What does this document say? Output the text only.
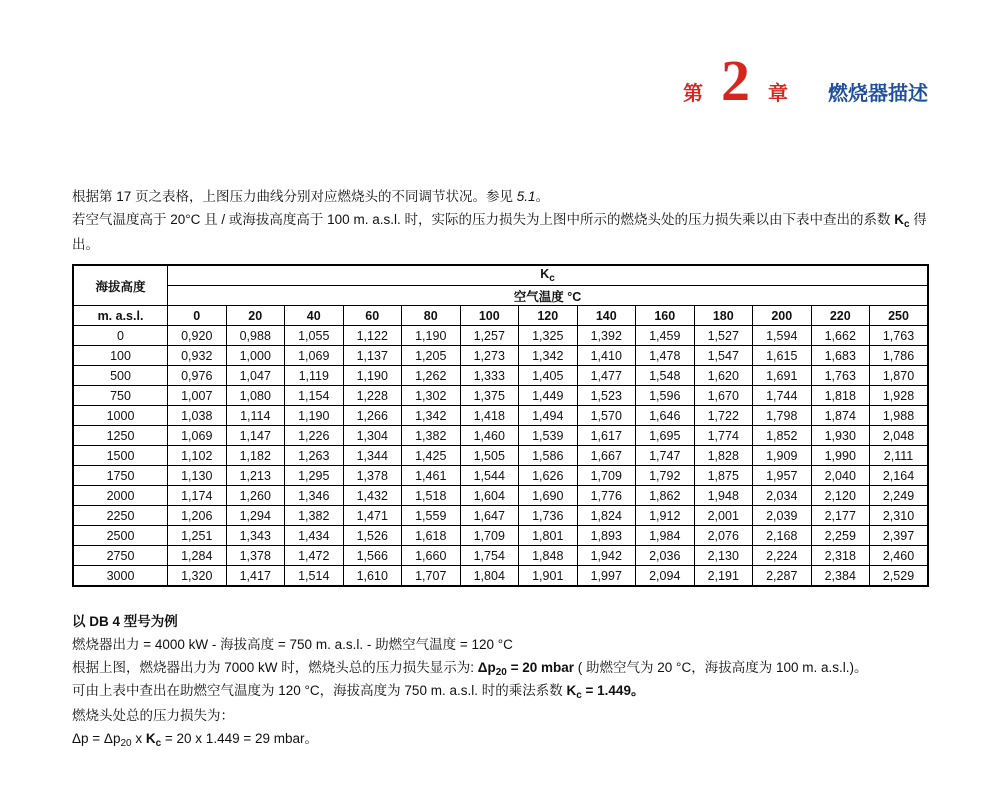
第 2 章 燃烧器描述
根据第 17 页之表格，上图压力曲线分别对应燃烧头的不同调节状况。参见 5.1。
若空气温度高于 20°C 且 / 或海拔高度高于 100 m. a.s.l. 时，实际的压力损失为上图中所示的燃烧头处的压力损失乘以由下表中查出的系数 $K_c$ 得出。
海拔高度	$K_c$
	空气温度 °C												
m. a.s.l.	0	20	40	60	80	100	120	140	160	180	200	220	250
0	0,920	0,988	1,055	1,122	1,190	1,257	1,325	1,392	1,459	1,527	1,594	1,662	1,763
100	0,932	1,000	1,069	1,137	1,205	1,273	1,342	1,410	1,478	1,547	1,615	1,683	1,786
500	0,976	1,047	1,119	1,190	1,262	1,333	1,405	1,477	1,548	1,620	1,691	1,763	1,870
750	1,007	1,080	1,154	1,228	1,302	1,375	1,449	1,523	1,596	1,670	1,744	1,818	1,928
1000	1,038	1,114	1,190	1,266	1,342	1,418	1,494	1,570	1,646	1,722	1,798	1,874	1,988
1250	1,069	1,147	1,226	1,304	1,382	1,460	1,539	1,617	1,695	1,774	1,852	1,930	2,048
1500	1,102	1,182	1,263	1,344	1,425	1,505	1,586	1,667	1,747	1,828	1,909	1,990	2,111
1750	1,130	1,213	1,295	1,378	1,461	1,544	1,626	1,709	1,792	1,875	1,957	2,040	2,164
2000	1,174	1,260	1,346	1,432	1,518	1,604	1,690	1,776	1,862	1,948	2,034	2,120	2,249
2250	1,206	1,294	1,382	1,471	1,559	1,647	1,736	1,824	1,912	2,001	2,039	2,177	2,310
2500	1,251	1,343	1,434	1,526	1,618	1,709	1,801	1,893	1,984	2,076	2,168	2,259	2,397
2750	1,284	1,378	1,472	1,566	1,660	1,754	1,848	1,942	2,036	2,130	2,224	2,318	2,460
3000	1,320	1,417	1,514	1,610	1,707	1,804	1,901	1,997	2,094	2,191	2,287	2,384	2,529
以 DB 4 型号为例
燃烧器出力 = 4000 kW - 海拔高度 = 750 m. a.s.l. - 助燃空气温度 = 120 °C
根据上图，燃烧器出力为 7000 kW 时，燃烧头总的压力损失显示为: $\Delta p_{20} = 20$ mbar ( 助燃空气为 20 °C，海拔高度为 100 m. a.s.l.)。
可由上表中查出在助燃空气温度为 120 °C，海拔高度为 750 m. a.s.l. 时的乘法系数 $K_c = 1.449$。
燃烧头处总的压力损失为：
$\Delta p = \Delta p_{20}$ x $K_c = 20$ x 1.449 = 29 mbar。
